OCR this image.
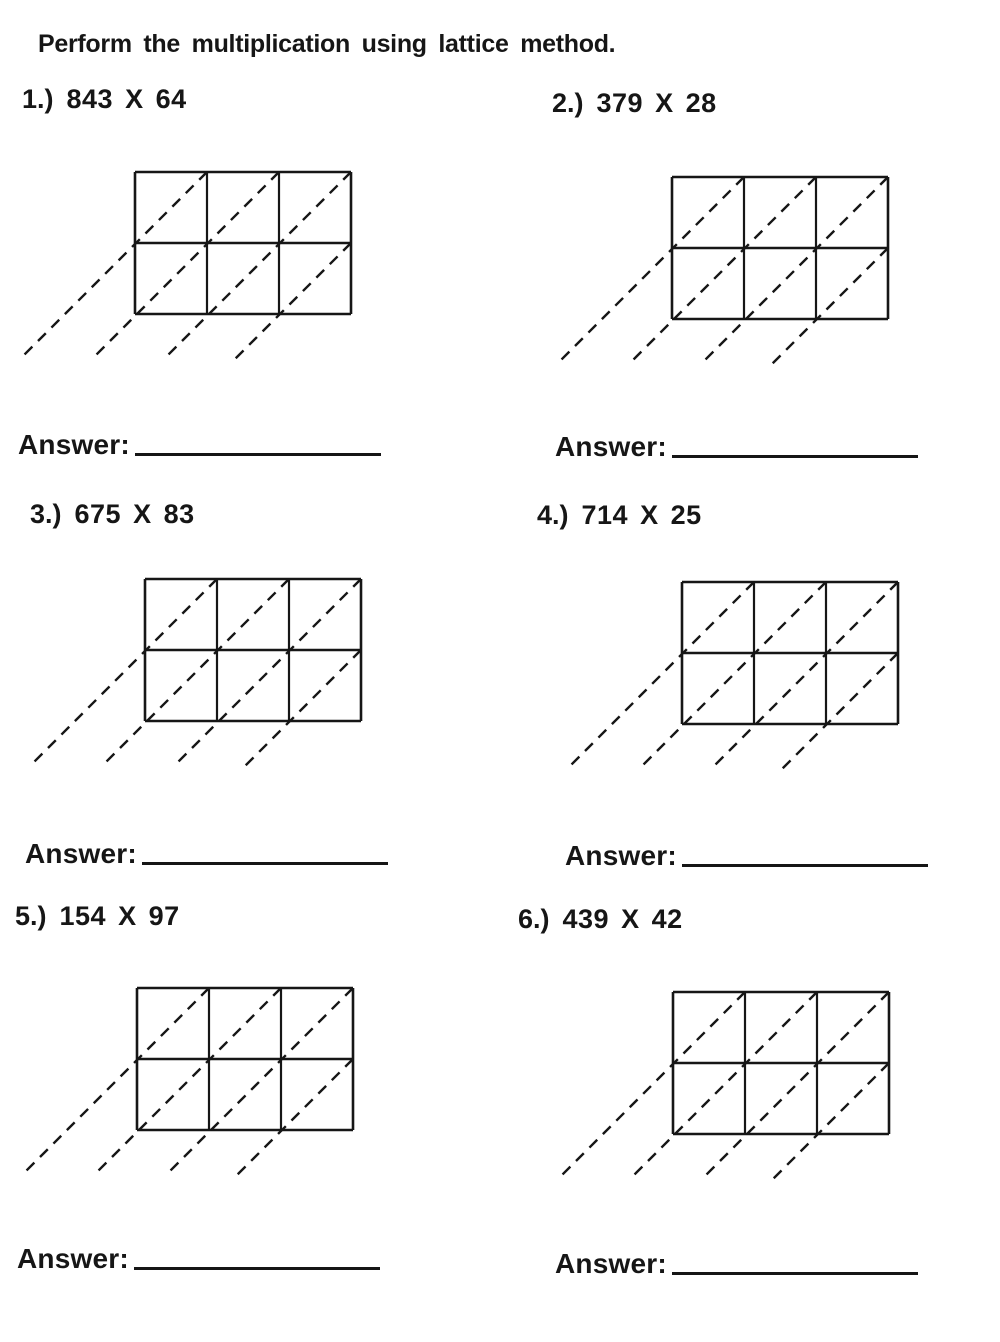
Perform the multiplication using lattice method.
1.) 843 X 64
Answer:
2.) 379 X 28
Answer:
3.) 675 X 83
Answer:
4.) 714 X 25
Answer:
5.) 154 X 97
Answer:
6.) 439 X 42
Answer:
